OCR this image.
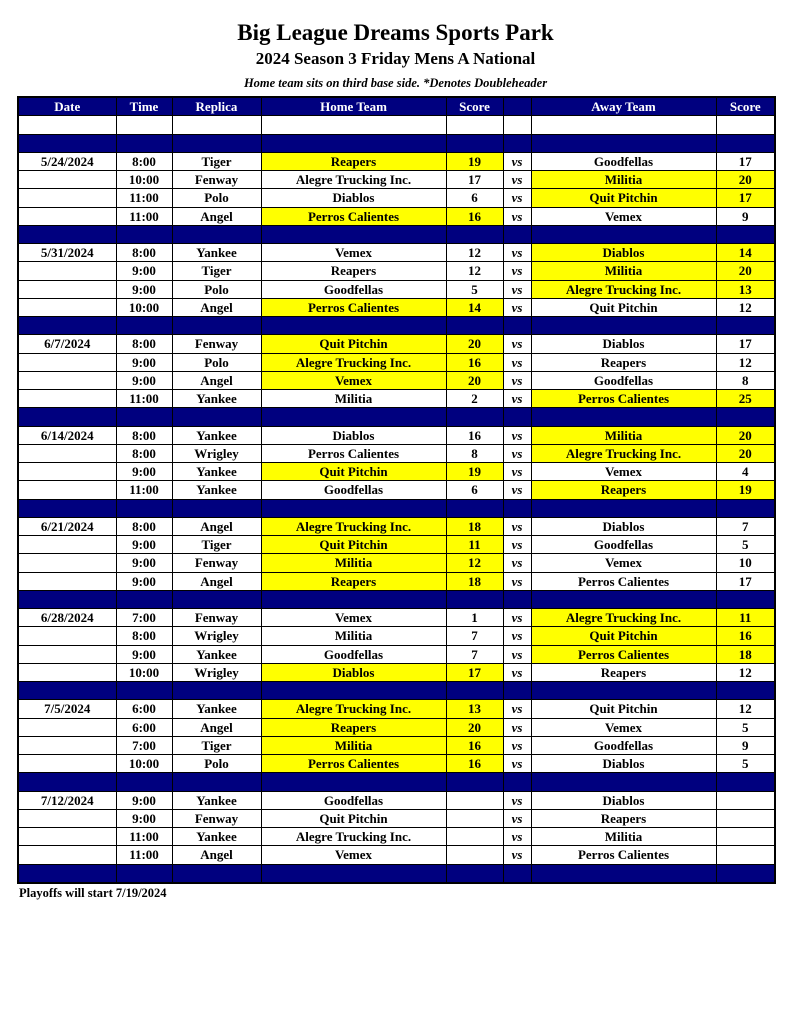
Big League Dreams Sports Park
2024 Season 3 Friday Mens A National
Home team sits on third base side. *Denotes Doubleheader
Date	Time	Replica	Home Team	Score		Away Team	Score

5/24/2024	8:00	Tiger	Reapers	19	vs	Goodfellas	17
	10:00	Fenway	Alegre Trucking Inc.	17	vs	Militia	20
	11:00	Polo	Diablos	6	vs	Quit Pitchin	17
	11:00	Angel	Perros Calientes	16	vs	Vemex	9

5/31/2024	8:00	Yankee	Vemex	12	vs	Diablos	14
	9:00	Tiger	Reapers	12	vs	Militia	20
	9:00	Polo	Goodfellas	5	vs	Alegre Trucking Inc.	13
	10:00	Angel	Perros Calientes	14	vs	Quit Pitchin	12

6/7/2024	8:00	Fenway	Quit Pitchin	20	vs	Diablos	17
	9:00	Polo	Alegre Trucking Inc.	16	vs	Reapers	12
	9:00	Angel	Vemex	20	vs	Goodfellas	8
	11:00	Yankee	Militia	2	vs	Perros Calientes	25

6/14/2024	8:00	Yankee	Diablos	16	vs	Militia	20
	8:00	Wrigley	Perros Calientes	8	vs	Alegre Trucking Inc.	20
	9:00	Yankee	Quit Pitchin	19	vs	Vemex	4
	11:00	Yankee	Goodfellas	6	vs	Reapers	19

6/21/2024	8:00	Angel	Alegre Trucking Inc.	18	vs	Diablos	7
	9:00	Tiger	Quit Pitchin	11	vs	Goodfellas	5
	9:00	Fenway	Militia	12	vs	Vemex	10
	9:00	Angel	Reapers	18	vs	Perros Calientes	17

6/28/2024	7:00	Fenway	Vemex	1	vs	Alegre Trucking Inc.	11
	8:00	Wrigley	Militia	7	vs	Quit Pitchin	16
	9:00	Yankee	Goodfellas	7	vs	Perros Calientes	18
	10:00	Wrigley	Diablos	17	vs	Reapers	12

7/5/2024	6:00	Yankee	Alegre Trucking Inc.	13	vs	Quit Pitchin	12
	6:00	Angel	Reapers	20	vs	Vemex	5
	7:00	Tiger	Militia	16	vs	Goodfellas	9
	10:00	Polo	Perros Calientes	16	vs	Diablos	5

7/12/2024	9:00	Yankee	Goodfellas		vs	Diablos	
	9:00	Fenway	Quit Pitchin		vs	Reapers	
	11:00	Yankee	Alegre Trucking Inc.		vs	Militia	
	11:00	Angel	Vemex		vs	Perros Calientes	

Playoffs will start 7/19/2024
